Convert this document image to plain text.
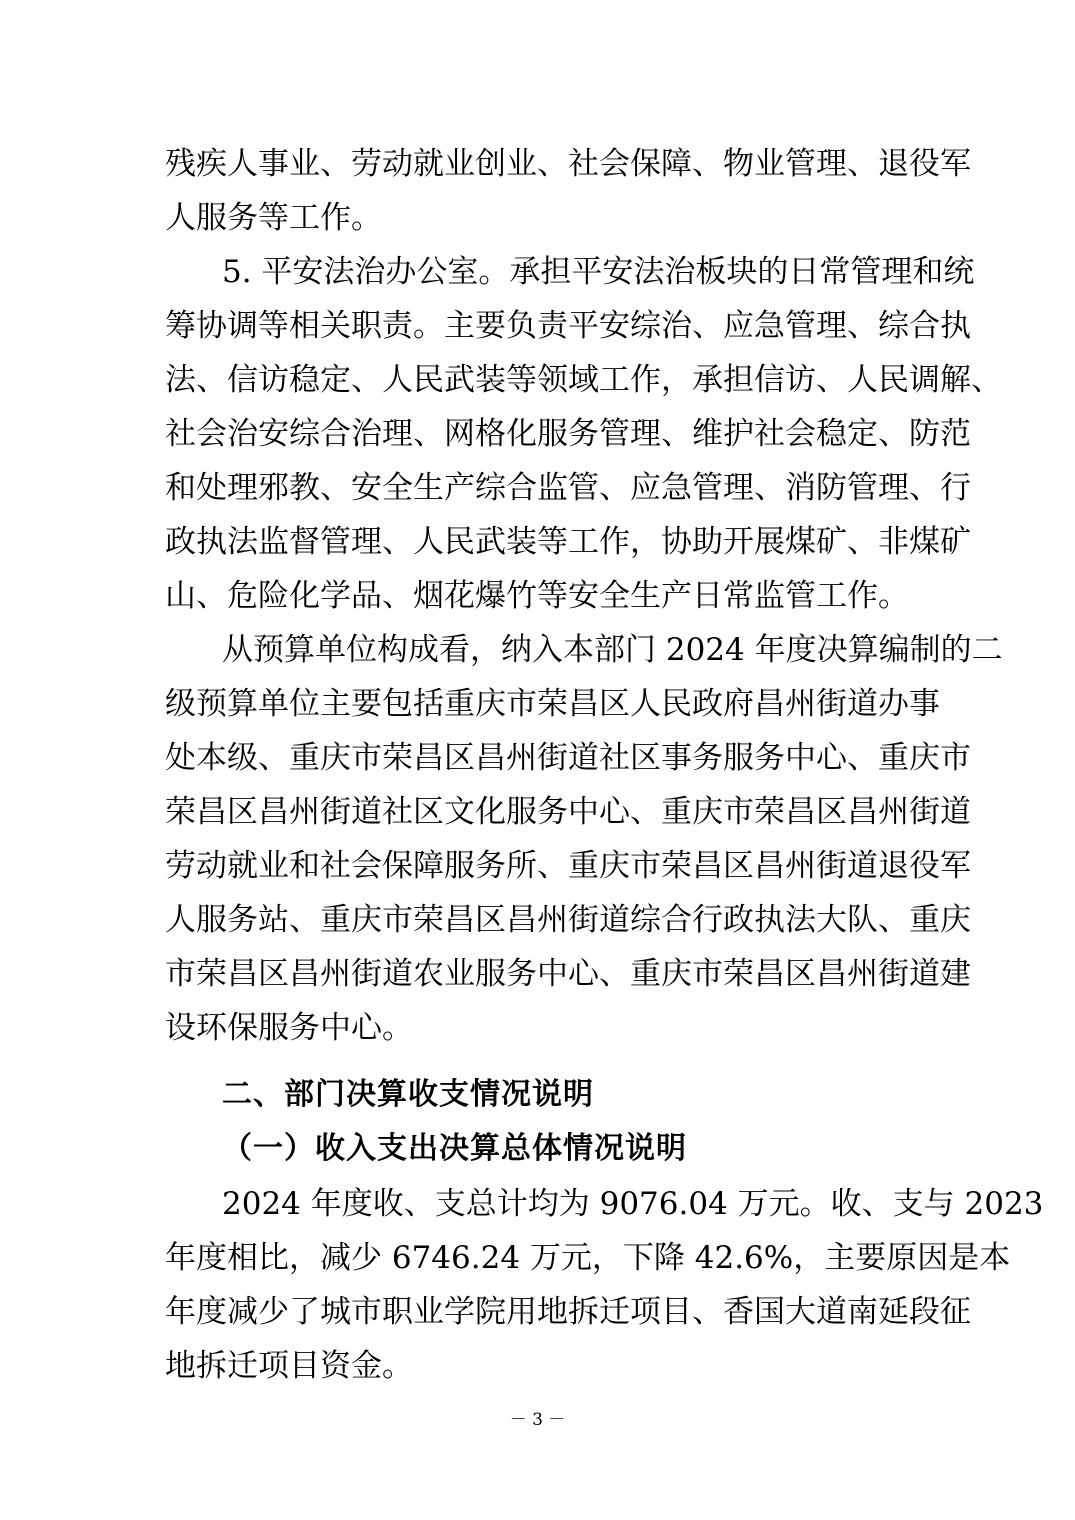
残疾人事业、劳动就业创业、社会保障、物业管理、退役军
人服务等工作。
5. 平安法治办公室。承担平安法治板块的日常管理和统
筹协调等相关职责。主要负责平安综治、应急管理、综合执
法、信访稳定、人民武装等领域工作，承担信访、人民调解、
社会治安综合治理、网格化服务管理、维护社会稳定、防范
和处理邪教、安全生产综合监管、应急管理、消防管理、行
政执法监督管理、人民武装等工作，协助开展煤矿、非煤矿
山、危险化学品、烟花爆竹等安全生产日常监管工作。
从预算单位构成看，纳入本部门 2024 年度决算编制的二
级预算单位主要包括重庆市荣昌区人民政府昌州街道办事
处本级、重庆市荣昌区昌州街道社区事务服务中心、重庆市
荣昌区昌州街道社区文化服务中心、重庆市荣昌区昌州街道
劳动就业和社会保障服务所、重庆市荣昌区昌州街道退役军
人服务站、重庆市荣昌区昌州街道综合行政执法大队、重庆
市荣昌区昌州街道农业服务中心、重庆市荣昌区昌州街道建
设环保服务中心。
二、部门决算收支情况说明
（一）收入支出决算总体情况说明
2024 年度收、支总计均为 9076.04 万元。收、支与 2023
年度相比，减少 6746.24 万元，下降 42.6%，主要原因是本
年度减少了城市职业学院用地拆迁项目、香国大道南延段征
地拆迁项目资金。
－ 3 －
